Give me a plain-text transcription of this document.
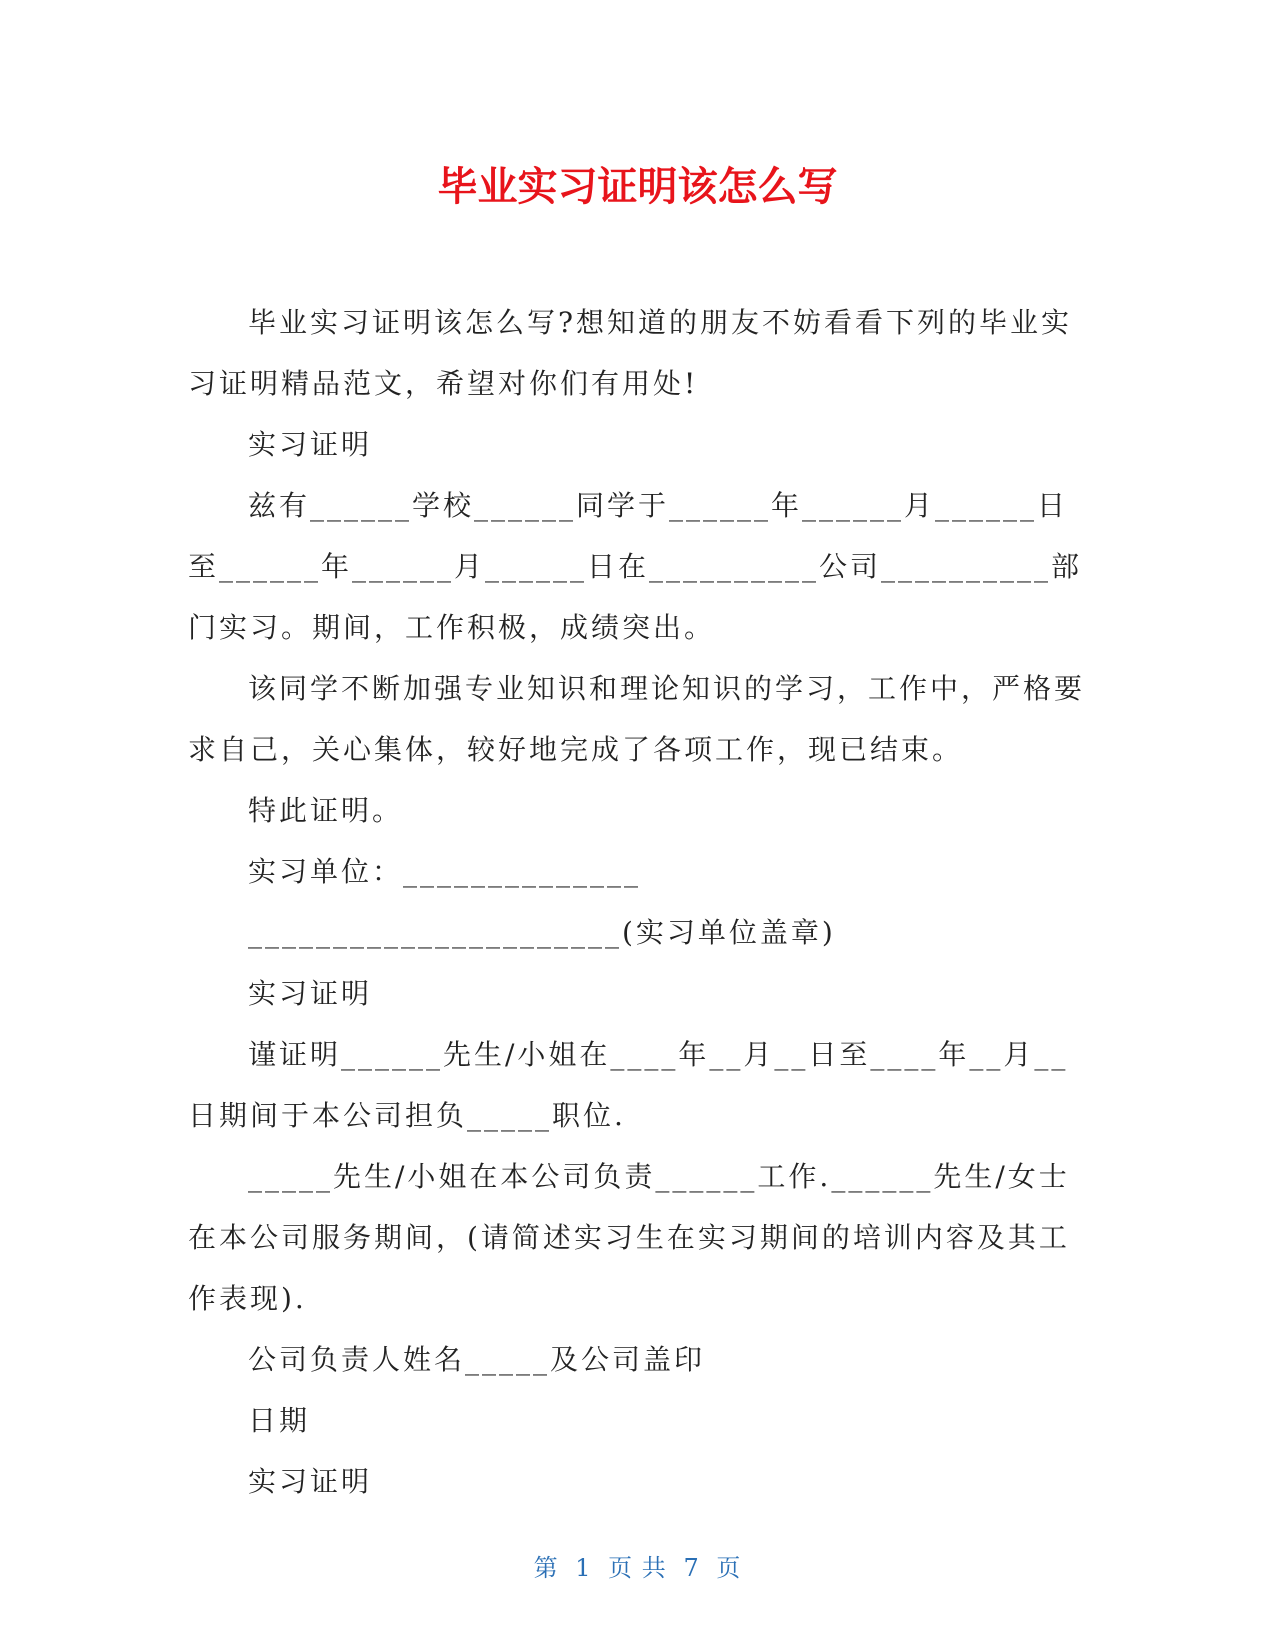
毕业实习证明该怎么写

毕业实习证明该怎么写?想知道的朋友不妨看看下列的毕业实习证明精品范文，希望对你们有用处!

实习证明

兹有______学校______同学于______年______月______日至______年______月______日在__________公司__________部门实习。期间，工作积极，成绩突出。

该同学不断加强专业知识和理论知识的学习，工作中，严格要求自己，关心集体，较好地完成了各项工作，现已结束。

特此证明。

实习单位：______________

______________________(实习单位盖章)

实习证明

谨证明______先生/小姐在____年__月__日至____年__月__日期间于本公司担负_____职位.

_____先生/小姐在本公司负责______工作.______先生/女士在本公司服务期间，(请简述实习生在实习期间的培训内容及其工作表现).

公司负责人姓名_____及公司盖印

日期

实习证明

第 1 页 共 7 页
